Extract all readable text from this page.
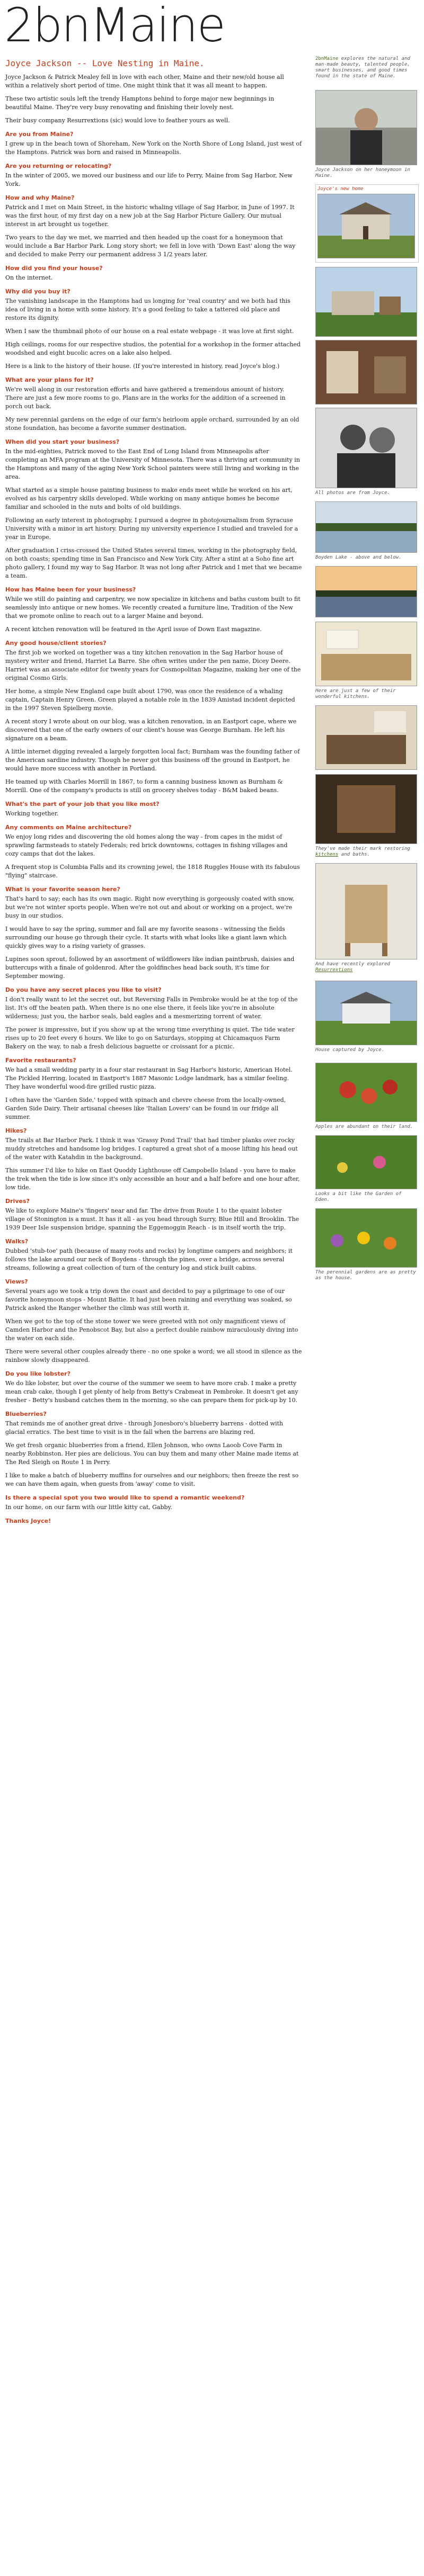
2bnMaine
Joyce Jackson -- Love Nesting in Maine.

Joyce Jackson & Patrick Mealey fell in love with each other, Maine and their new/old house all within a relatively short period of time. One might think that it was all meant to happen.

These two artistic souls left the trendy Hamptons behind to forge major new beginnings in beautiful Maine. They're very busy renovating and finishing their lovely nest.

Their busy company Resurrextions (sic) would love to feather yours as well.

Are you from Maine?

I grew up in the beach town of Shoreham, New York on the North Shore of Long Island, just west of the Hamptons. Patrick was born and raised in Minneapolis.

Are you returning or relocating?

In the winter of 2005, we moved our business and our life to Perry, Maine from Sag Harbor, New York.

How and why Maine?

Patrick and I met on Main Street, in the historic whaling village of Sag Harbor, in June of 1997. It was the first hour, of my first day on a new job at the Sag Harbor Picture Gallery. Our mutual interest in art brought us together.

Two years to the day we met, we married and then headed up the coast for a honeymoon that would include a Bar Harbor Park. Long story short; we fell in love with 'Down East' along the way and decided to make Perry our permanent address 3 1/2 years later.

How did you find your house?

On the internet.

Why did you buy it?

The vanishing landscape in the Hamptons had us longing for 'real country' and we both had this idea of living in a home with some history. It's a good feeling to take a tattered old place and restore its dignity.

When I saw the thumbnail photo of our house on a real estate webpage - it was love at first sight.

High ceilings, rooms for our respective studios, the potential for a workshop in the former attached woodshed and eight bucolic acres on a lake also helped.

Here is a link to the history of their house. (If you're interested in history, read Joyce's blog.)

What are your plans for it?

We're well along in our restoration efforts and have gathered a tremendous amount of history. There are just a few more rooms to go. Plans are in the works for the addition of a screened in porch out back.

My new perennial gardens on the edge of our farm's heirloom apple orchard, surrounded by an old stone foundation, has become a favorite summer destination.

When did you start your business?

In the mid-eighties, Patrick moved to the East End of Long Island from Minneapolis after completing an MFA program at the University of Minnesota. There was a thriving art community in the Hamptons and many of the aging New York School painters were still living and working in the area.

What started as a simple house painting business to make ends meet while he worked on his art, evolved as his carpentry skills developed. While working on many antique homes he become familiar and schooled in the nuts and bolts of old buildings.

Following an early interest in photography, I pursued a degree in photojournalism from Syracuse University with a minor in art history. During my university experience I studied and traveled for a year in Europe.

After graduation I criss-crossed the United States several times, working in the photography field, on both coasts; spending time in San Francisco and New York City. After a stint at a Soho fine art photo gallery, I found my way to Sag Harbor. It was not long after Patrick and I met that we became a team.

How has Maine been for your business?

While we still do painting and carpentry, we now specialize in kitchens and baths custom built to fit seamlessly into antique or new homes. We recently created a furniture line, Tradition of the New that we promote online to reach out to a larger Maine and beyond.

A recent kitchen renovation will be featured in the April issue of Down East magazine.

Any good house/client stories?

The first job we worked on together was a tiny kitchen renovation in the Sag Harbor house of mystery writer and friend, Harriet La Barre. She often writes under the pen name, Dicey Deere. Harriet was an associate editor for twenty years for Cosmopolitan Magazine, making her one of the original Cosmo Girls.

Her home, a simple New England cape built about 1790, was once the residence of a whaling captain, Captain Henry Green. Green played a notable role in the 1839 Amistad incident depicted in the 1997 Steven Spielberg movie.

A recent story I wrote about on our blog, was a kitchen renovation, in an Eastport cape, where we discovered that one of the early owners of our client's house was George Burnham. He left his signature on a beam.

A little internet digging revealed a largely forgotten local fact; Burnham was the founding father of the American sardine industry. Though he never got this business off the ground in Eastport, he would have more success with another in Portland.

He teamed up with Charles Morrill in 1867, to form a canning business known as Burnham & Morrill. One of the company's products is still on grocery shelves today - B&M baked beans.

What's the part of your job that you like most?

Working together.

Any comments on Maine architecture?

We enjoy long rides and discovering the old homes along the way - from capes in the midst of sprawling farmsteads to stately Federals; red brick downtowns, cottages in fishing villages and cozy camps that dot the lakes.

A frequent stop is Columbia Falls and its crowning jewel, the 1818 Ruggles House with its fabulous "flying" staircase.

What is your favorite season here?

That's hard to say; each has its own magic. Right now everything is gorgeously coated with snow, but we're not winter sports people. When we're not out and about or working on a project, we're busy in our studios.

I would have to say the spring, summer and fall are my favorite seasons - witnessing the fields surrounding our house go through their cycle. It starts with what looks like a giant lawn which quickly gives way to a rising variety of grasses.

Lupines soon sprout, followed by an assortment of wildflowers like indian paintbrush, daisies and buttercups with a finale of goldenrod. After the goldfinches head back south, it's time for September mowing.

Do you have any secret places you like to visit?

I don't really want to let the secret out, but Reversing Falls in Pembroke would be at the top of the list. It's off the beaten path. When there is no one else there, it feels like you're in absolute wilderness; just you, the harbor seals, bald eagles and a mesmerizing torrent of water.

The power is impressive, but if you show up at the wrong time everything is quiet. The tide water rises up to 20 feet every 6 hours. We like to go on Saturdays, stopping at Chicamaquos Farm Bakery on the way, to nab a fresh delicious baguette or croissant for a picnic.

Favorite restaurants?

We had a small wedding party in a four star restaurant in Sag Harbor's historic, American Hotel. The Pickled Herring, located in Eastport's 1887 Masonic Lodge landmark, has a similar feeling. They have wonderful wood-fire grilled rustic pizza.

I often have the 'Garden Side,' topped with spinach and chevre cheese from the locally-owned, Garden Side Dairy. Their artisanal cheeses like 'Italian Lovers' can be found in our fridge all summer.

Hikes?

The trails at Bar Harbor Park. I think it was 'Grassy Pond Trail' that had timber planks over rocky muddy stretches and handsome log bridges. I captured a great shot of a moose lifting his head out of the water with Katahdin in the background.

This summer I'd like to hike on East Quoddy Lighthouse off Campobello Island - you have to make the trek when the tide is low since it's only accessible an hour and a half before and one hour after, low tide.

Drives?

We like to explore Maine's 'fingers' near and far. The drive from Route 1 to the quaint lobster village of Stonington is a must. It has it all - as you head through Surry, Blue Hill and Brooklin. The 1939 Deer Isle suspension bridge, spanning the Eggemoggin Reach - is in itself worth the trip.

Walks?

Dubbed 'stub-toe' path (because of many roots and rocks) by longtime campers and neighbors; it follows the lake around our neck of Boydens - through the pines, over a bridge, across several streams, following a great collection of turn of the century log and stick built cabins.

Views?

Several years ago we took a trip down the coast and decided to pay a pilgrimage to one of our favorite honeymoon stops - Mount Battie. It had just been raining and everything was soaked, so Patrick asked the Ranger whether the climb was still worth it.

When we got to the top of the stone tower we were greeted with not only magnificent views of Camden Harbor and the Penobscot Bay, but also a perfect double rainbow miraculously diving into the water on each side.

There were several other couples already there - no one spoke a word; we all stood in silence as the rainbow slowly disappeared.

Do you like lobster?

We do like lobster, but over the course of the summer we seem to have more crab. I make a pretty mean crab cake, though I get plenty of help from Betty's Crabmeat in Pembroke. It doesn't get any fresher - Betty's husband catches them in the morning, so she can prepare them for pick-up by 10.

Blueberries?

That reminds me of another great drive - through Jonesboro's blueberry barrens - dotted with glacial erratics. The best time to visit is in the fall when the barrens are blazing red.

We get fresh organic blueberries from a friend, Ellen Johnson, who owns Laoob Cove Farm in nearby Robbinston. Her pies are delicious. You can buy them and many other Maine made items at The Red Sleigh on Route 1 in Perry.

I like to make a batch of blueberry muffins for ourselves and our neighbors; then freeze the rest so we can have them again, when guests from 'away' come to visit.

Is there a special spot you two would like to spend a romantic weekend?

In our home, on our farm with our little kitty cat, Gabby.

Thanks Joyce!

2bnMaine explores the natural and man-made beauty, talented people, smart businesses, and good times found in the state of Maine.

Joyce Jackson on her honeymoon in Maine.

Joyce's new home

All photos are from Joyce.

Boyden Lake - above and below.

Here are just a few of their wonderful kitchens.

They've made their mark restoring kitchens and baths.

And have recently explored Resurrextions

House captured by Joyce.

Apples are abundant on their land.

Looks a bit like the Garden of Eden.

The perennial gardens are as pretty as the house.
